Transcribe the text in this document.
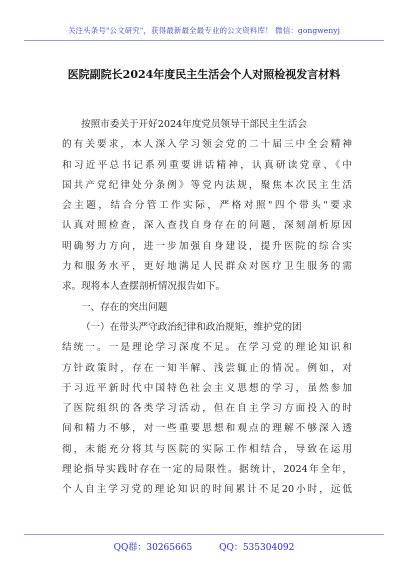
关注头条号"公文研究"，获得最新最全最专业的公文资料库！ 微信：gongwenyj
医院副院长2024年度民主生活会个人对照检视发言材料
按照市委关于开好2024年度党员领导干部民主生活会
的有关要求，本人深入学习领会党的二十届三中全会精神
和习近平总书记系列重要讲话精神，认真研读党章、《中
国共产党纪律处分条例》等党内法规，聚焦本次民主生活
会主题，结合分管工作实际，严格对照"四个带头"要求
认真对照检查，深入查找自身存在的问题，深刻剖析原因
明确努力方向，进一步加强自身建设，提升医院的综合实
力和服务水平，更好地满足人民群众对医疗卫生服务的需
求。现将本人查摆剖析情况报告如下。
一、存在的突出问题
（一）在带头严守政治纪律和政治规矩，维护党的团
结统一。一是理论学习深度不足。在学习党的理论知识和
方针政策时，存在一知半解、浅尝辄止的情况。例如，对
于习近平新时代中国特色社会主义思想的学习，虽然参加
了医院组织的各类学习活动，但在自主学习方面投入的时
间和精力不够，对一些重要思想和观点的理解不够深入透
彻，未能充分将其与医院的实际工作相结合，导致在运用
理论指导实践时存在一定的局限性。据统计，2024年全年，
个人自主学习党的理论知识的时间累计不足20小时，远低
QQ群：30265665	QQ：535304092
